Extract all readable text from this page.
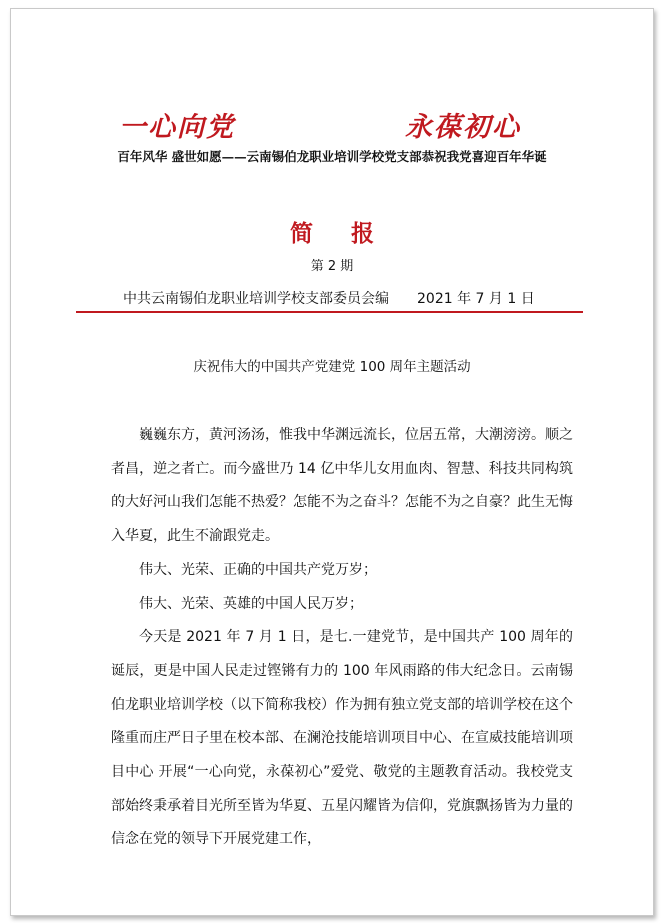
一心向党	永葆初心
百年风华 盛世如愿——云南锡伯龙职业培训学校党支部恭祝我党喜迎百年华诞
简报
第 2 期
中共云南锡伯龙职业培训学校支部委员会编 2021 年 7 月 1 日
庆祝伟大的中国共产党建党 100 周年主题活动

巍巍东方，黄河汤汤，惟我中华渊远流长，位居五常，大潮滂滂。顺之者昌，逆之者亡。而今盛世乃 14 亿中华儿女用血肉、智慧、科技共同构筑的大好河山我们怎能不热爱？怎能不为之奋斗？怎能不为之自豪？此生无悔入华夏，此生不渝跟党走。

伟大、光荣、正确的中国共产党万岁；

伟大、光荣、英雄的中国人民万岁；

今天是 2021 年 7 月 1 日，是七.一建党节，是中国共产 100 周年的诞辰，更是中国人民走过铿锵有力的 100 年风雨路的伟大纪念日。云南锡伯龙职业培训学校（以下简称我校）作为拥有独立党支部的培训学校在这个隆重而庄严日子里在校本部、在澜沧技能培训项目中心、在宣威技能培训项目中心 开展“一心向党，永葆初心”爱党、敬党的主题教育活动。我校党支部始终秉承着目光所至皆为华夏、五星闪耀皆为信仰，党旗飘扬皆为力量的信念在党的领导下开展党建工作，
